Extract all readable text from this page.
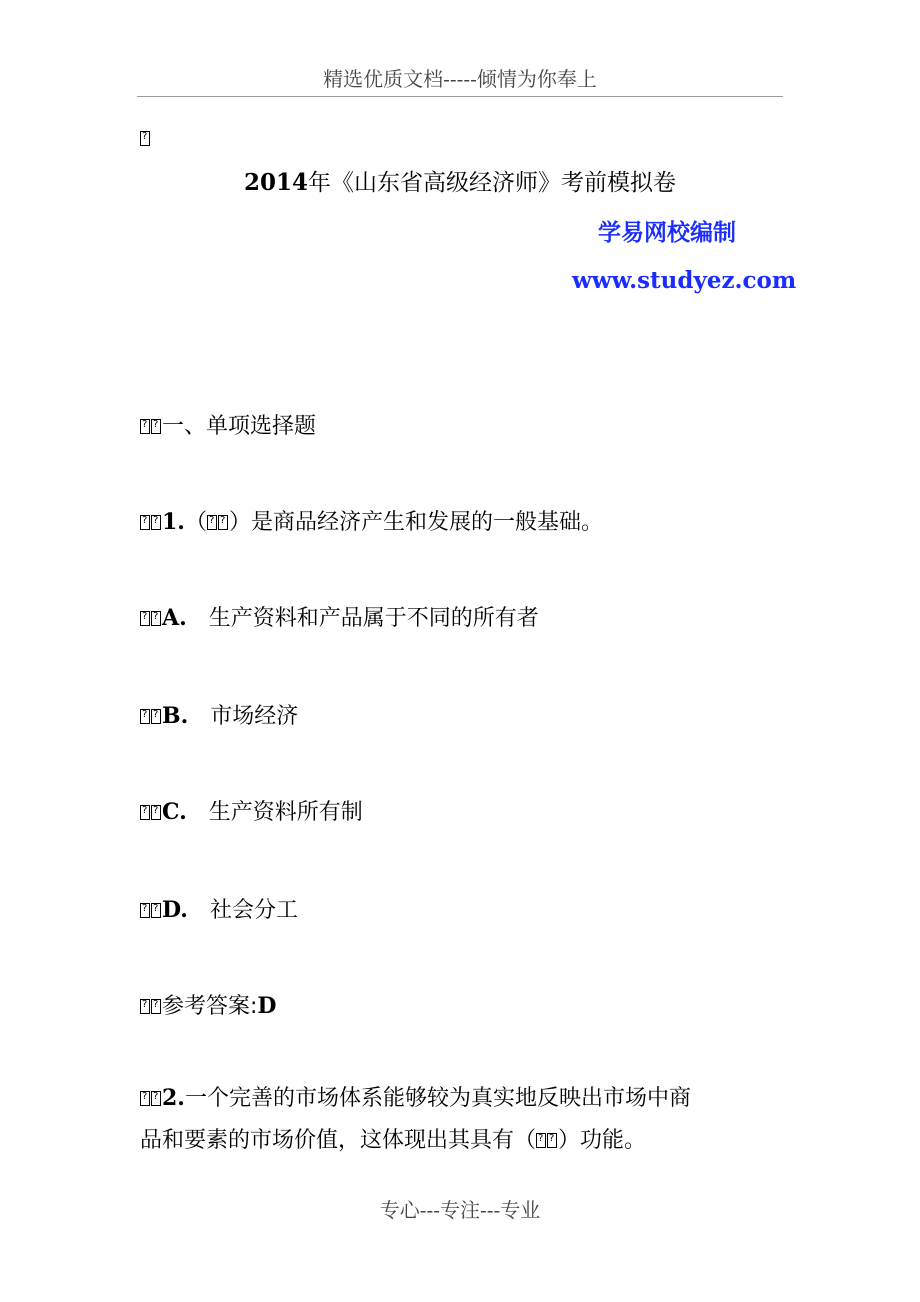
精选优质文档-----倾情为你奉上
?
2014年《山东省高级经济师》考前模拟卷
学易网校编制
www.studyez.com
??一、单项选择题
??1.（ ? ? ）是商品经济产生和发展的一般基础。
??A. 生产资料和产品属于不同的所有者
??B. 市场经济
??C. 生产资料所有制
??D. 社会分工
??参考答案:D
??2.一个完善的市场体系能够较为真实地反映出市场中商
品和要素的市场价值，这体现出其具有（ ? ? ）功能。
专心---专注---专业
